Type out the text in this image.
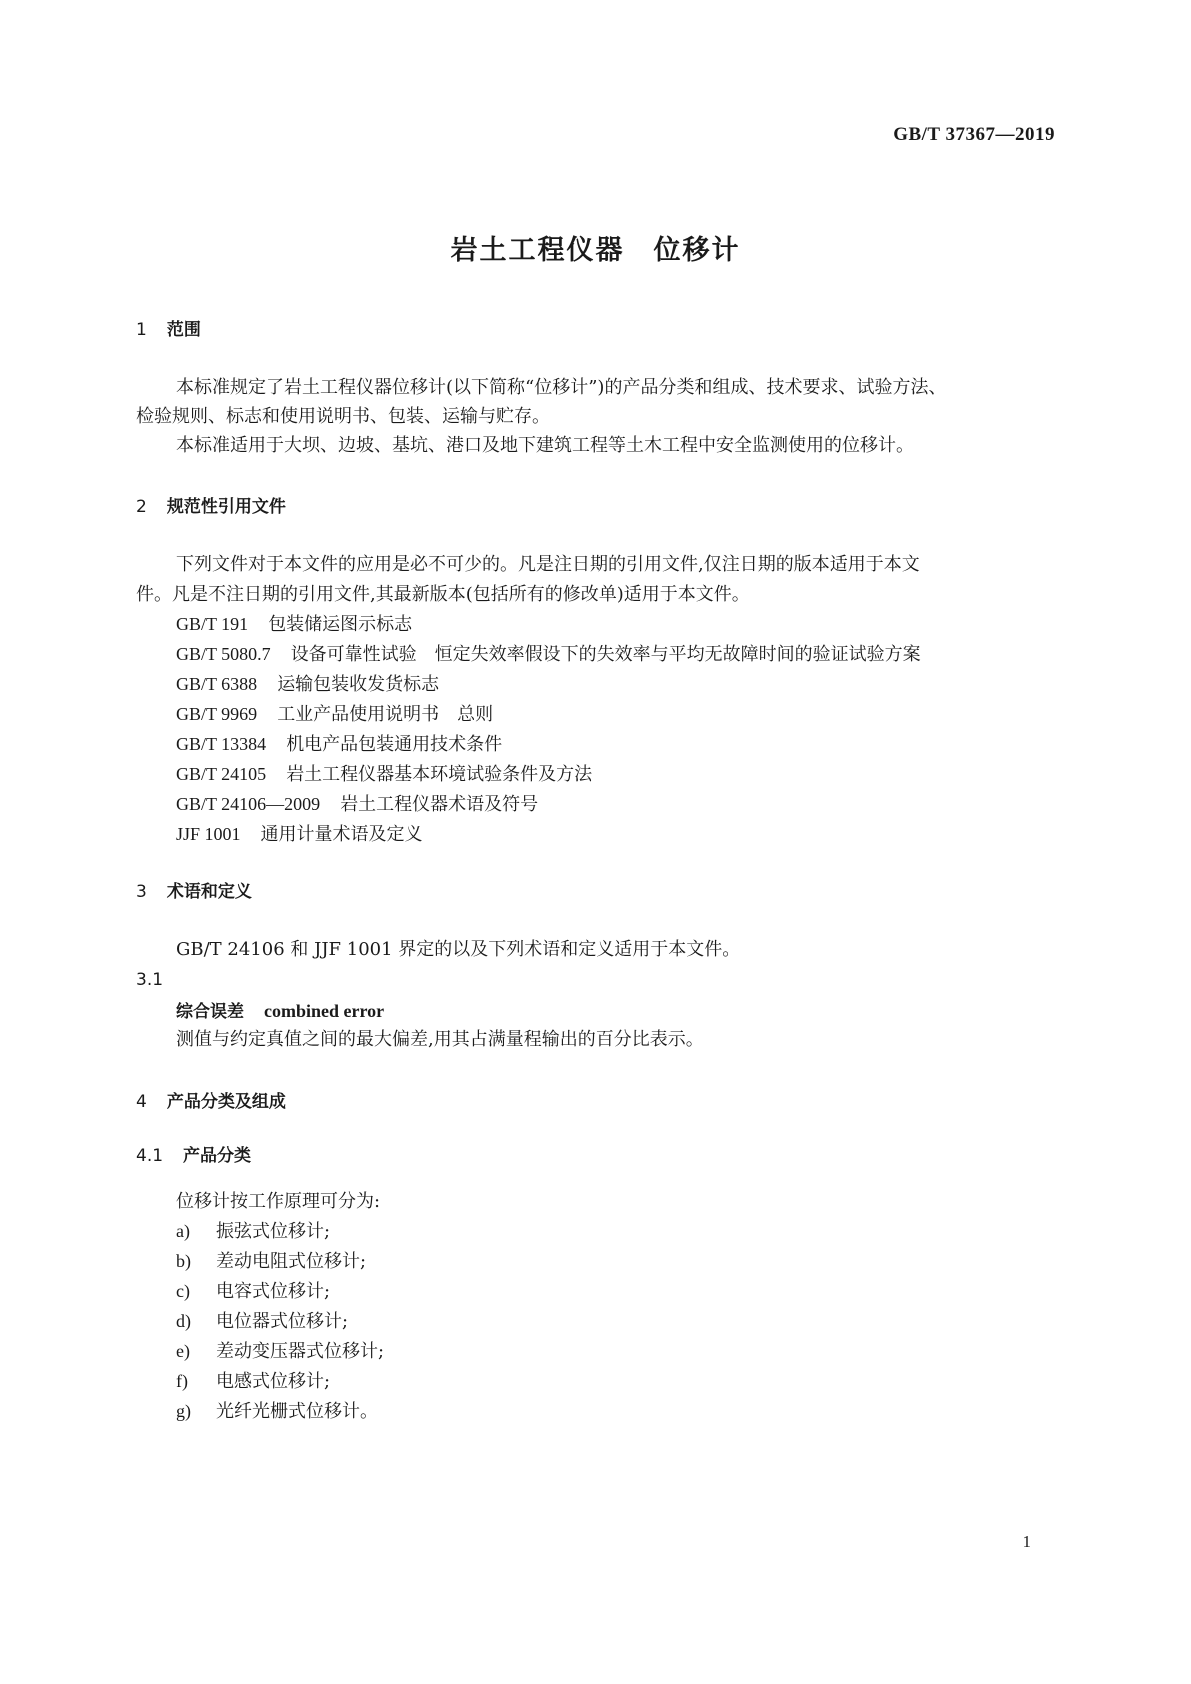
GB/T 37367—2019
岩土工程仪器　位移计
1 范围
本标准规定了岩土工程仪器位移计(以下简称“位移计”)的产品分类和组成、技术要求、试验方法、
检验规则、标志和使用说明书、包装、运输与贮存。
本标准适用于大坝、边坡、基坑、港口及地下建筑工程等土木工程中安全监测使用的位移计。
2 规范性引用文件
下列文件对于本文件的应用是必不可少的。凡是注日期的引用文件,仅注日期的版本适用于本文
件。凡是不注日期的引用文件,其最新版本(包括所有的修改单)适用于本文件。
GB/T 191 包装储运图示标志
GB/T 5080.7 设备可靠性试验　恒定失效率假设下的失效率与平均无故障时间的验证试验方案
GB/T 6388 运输包装收发货标志
GB/T 9969 工业产品使用说明书　总则
GB/T 13384 机电产品包装通用技术条件
GB/T 24105 岩土工程仪器基本环境试验条件及方法
GB/T 24106—2009 岩土工程仪器术语及符号
JJF 1001 通用计量术语及定义
3 术语和定义
GB/T 24106 和 JJF 1001 界定的以及下列术语和定义适用于本文件。
3.1
综合误差 combined error
测值与约定真值之间的最大偏差,用其占满量程输出的百分比表示。
4 产品分类及组成
4.1 产品分类
位移计按工作原理可分为:
a) 振弦式位移计;
b) 差动电阻式位移计;
c) 电容式位移计;
d) 电位器式位移计;
e) 差动变压器式位移计;
f) 电感式位移计;
g) 光纤光栅式位移计。
1
